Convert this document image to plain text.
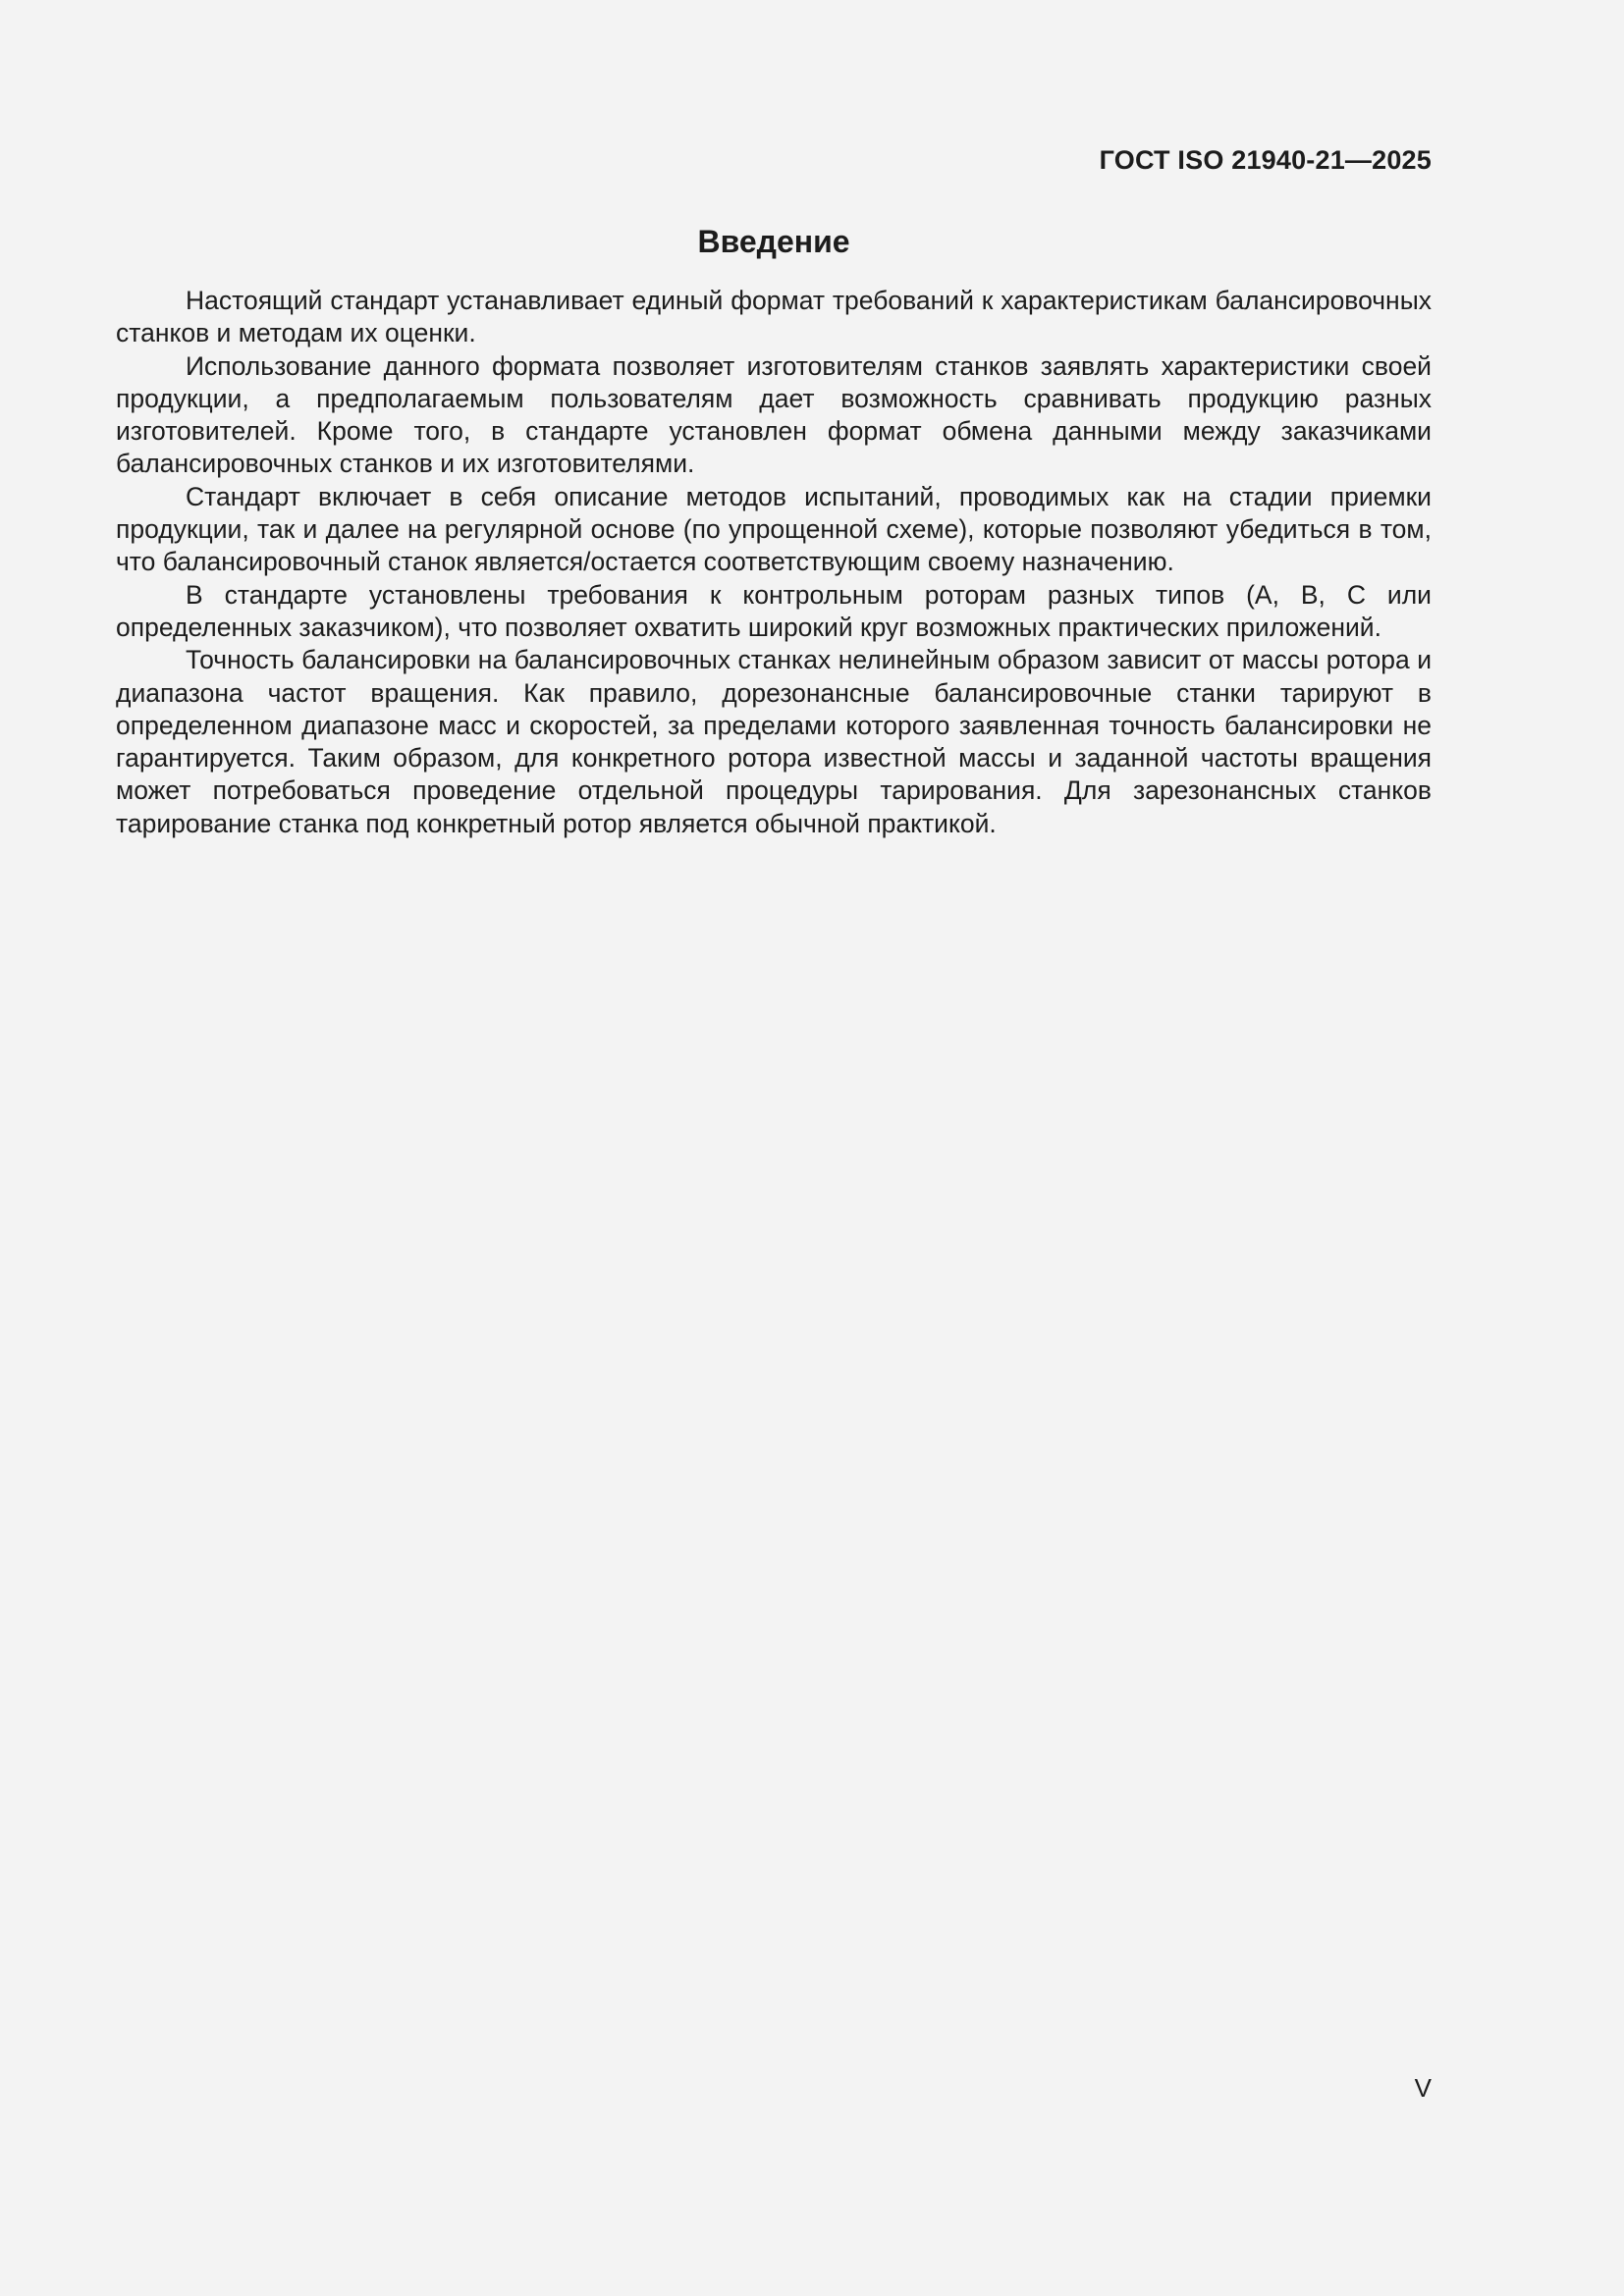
ГОСТ ISO 21940-21—2025
Введение

Настоящий стандарт устанавливает единый формат требований к характеристикам балансировочных станков и методам их оценки.

Использование данного формата позволяет изготовителям станков заявлять характеристики своей продукции, а предполагаемым пользователям дает возможность сравнивать продукцию разных изготовителей. Кроме того, в стандарте установлен формат обмена данными между заказчиками балансировочных станков и их изготовителями.

Стандарт включает в себя описание методов испытаний, проводимых как на стадии приемки продукции, так и далее на регулярной основе (по упрощенной схеме), которые позволяют убедиться в том, что балансировочный станок является/остается соответствующим своему назначению.

В стандарте установлены требования к контрольным роторам разных типов (А, В, С или определенных заказчиком), что позволяет охватить широкий круг возможных практических приложений.

Точность балансировки на балансировочных станках нелинейным образом зависит от массы ротора и диапазона частот вращения. Как правило, дорезонансные балансировочные станки тарируют в определенном диапазоне масс и скоростей, за пределами которого заявленная точность балансировки не гарантируется. Таким образом, для конкретного ротора известной массы и заданной частоты вращения может потребоваться проведение отдельной процедуры тарирования. Для зарезонансных станков тарирование станка под конкретный ротор является обычной практикой.

V
